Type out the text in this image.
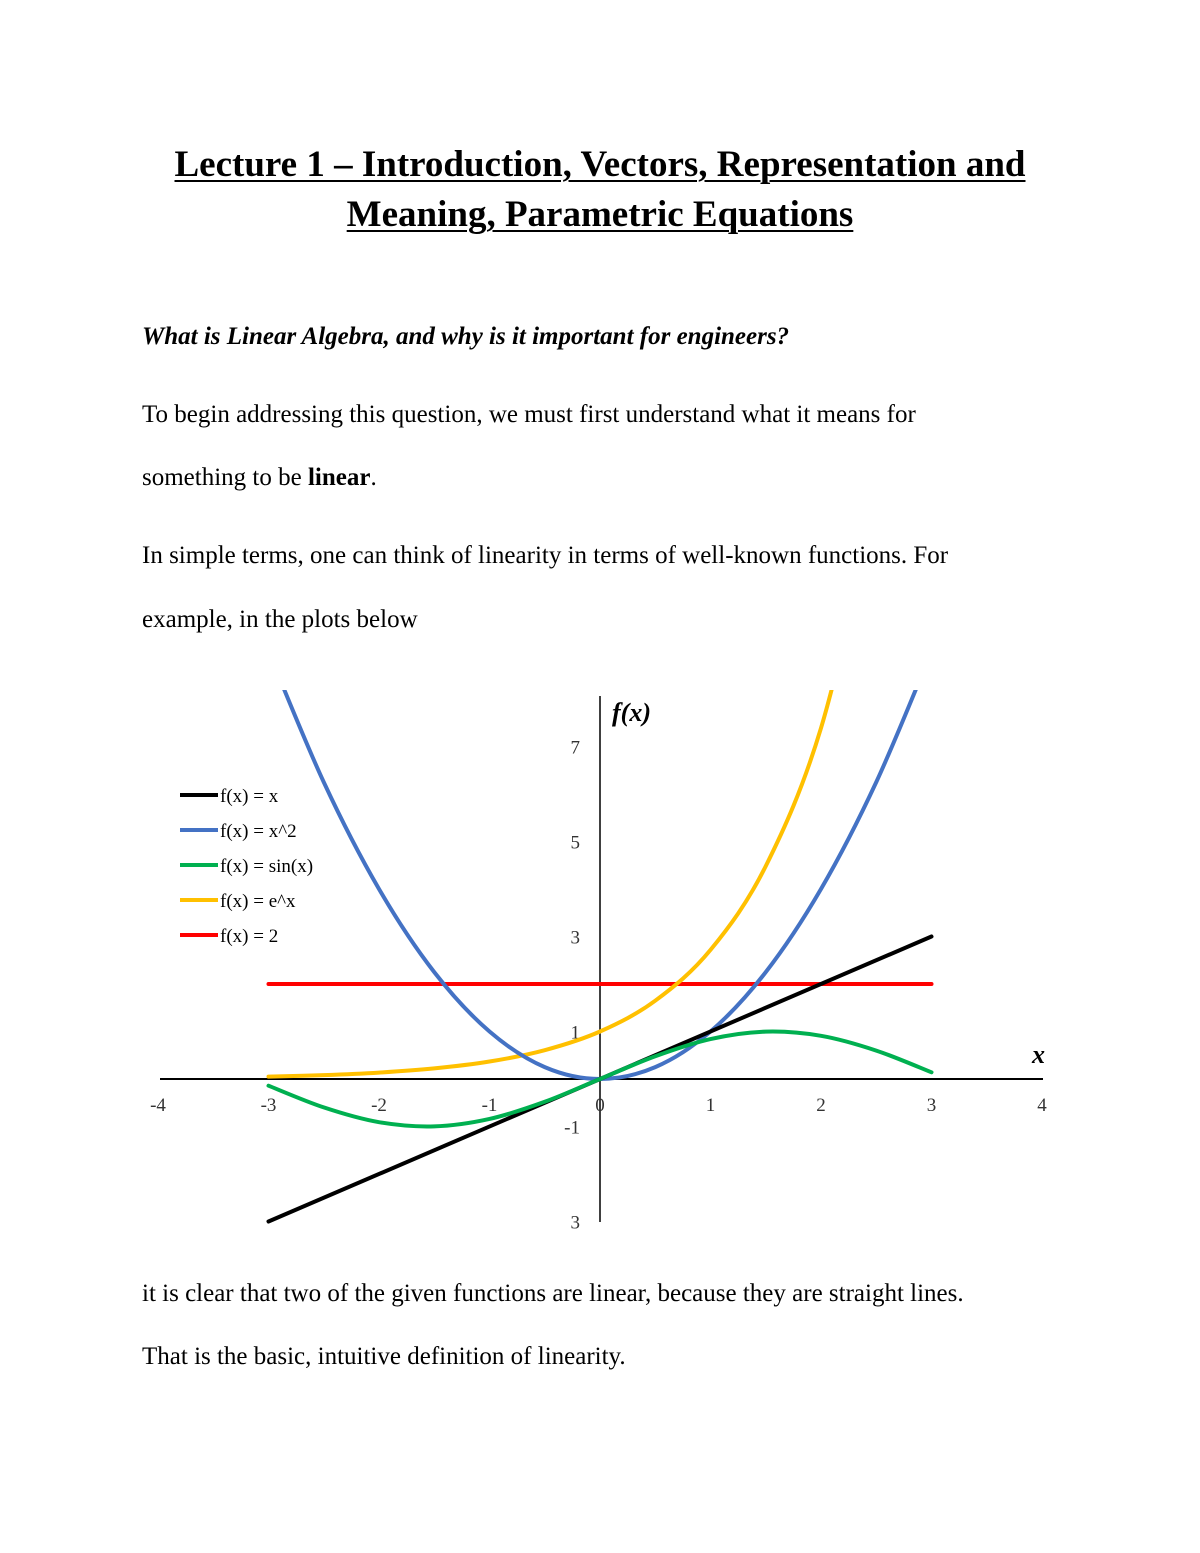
Lecture 1 – Introduction, Vectors, Representation and
Meaning, Parametric Equations
What is Linear Algebra, and why is it important for engineers?
To begin addressing this question, we must first understand what it means for
something to be linear.
In simple terms, one can think of linearity in terms of well-known functions. For
example, in the plots below
-4	-3	-2	-1	0	1	2	3	4
7
5
3
1
-1
3
f(x)
x
f(x) = x
f(x) = x^2
f(x) = sin(x)
f(x) = e^x
f(x) = 2
it is clear that two of the given functions are linear, because they are straight lines.
That is the basic, intuitive definition of linearity.
